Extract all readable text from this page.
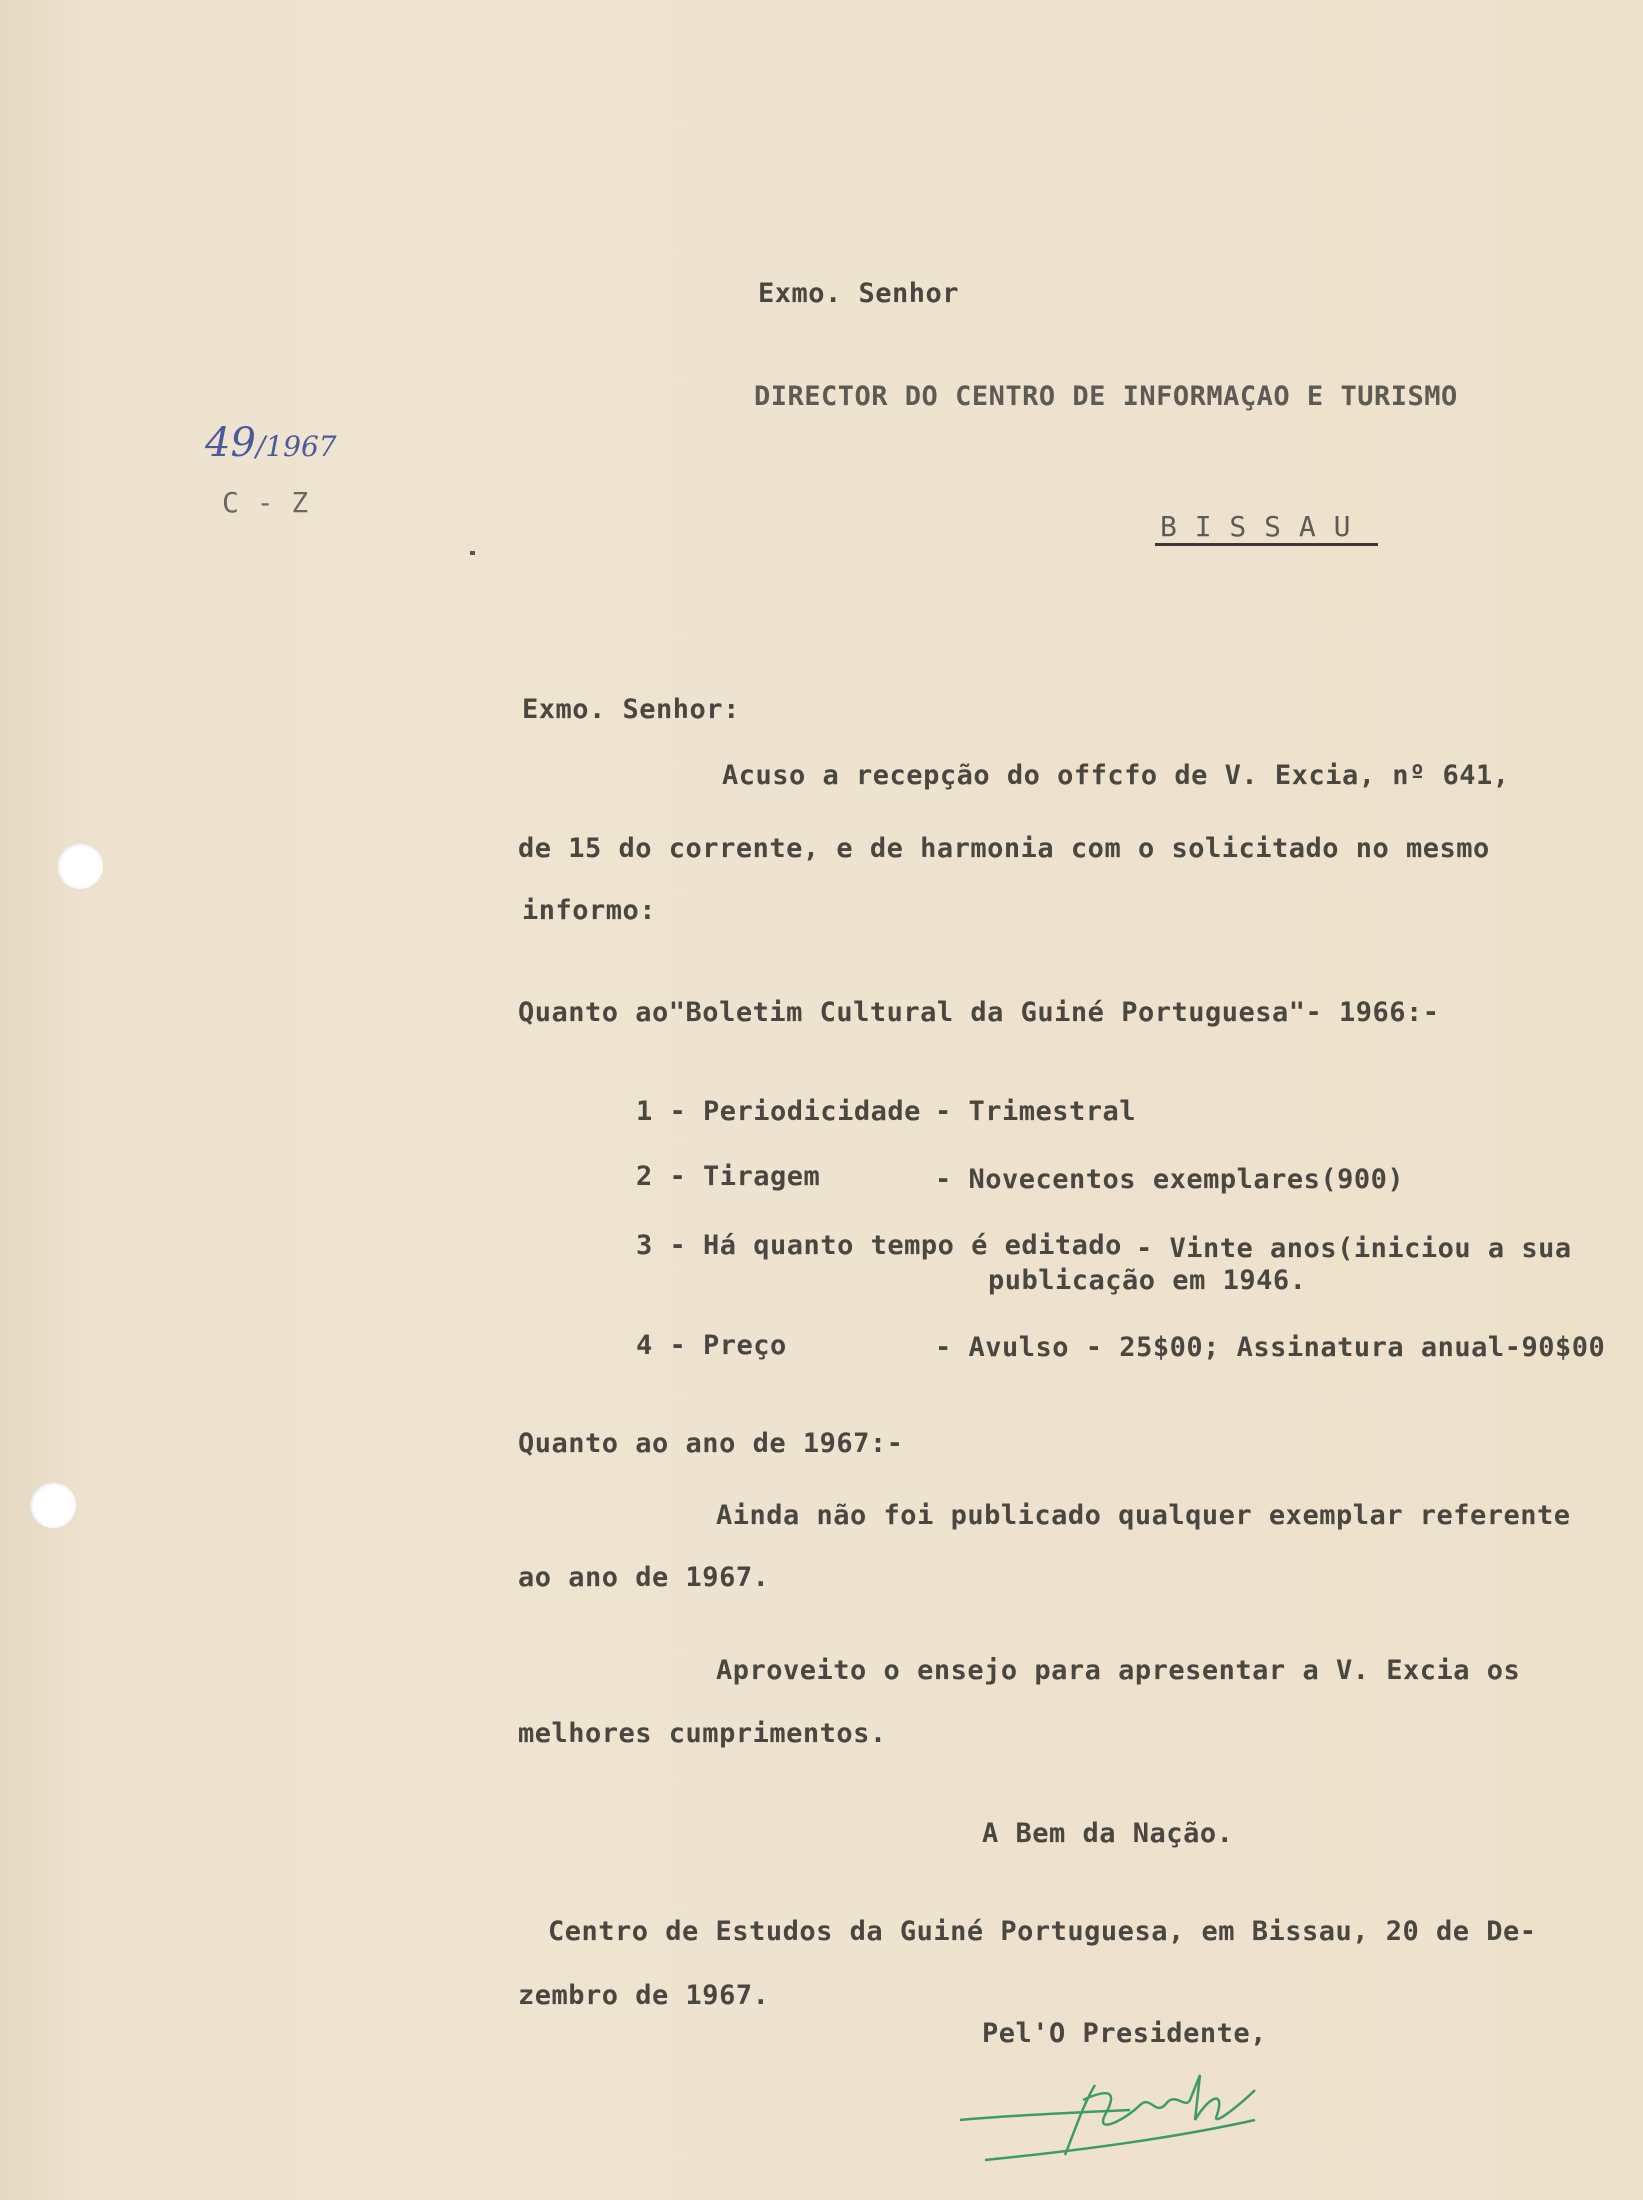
Exmo. Senhor
DIRECTOR DO CENTRO DE INFORMAÇAO E TURISMO
B I S S A U
49/1967
C - Z
Exmo. Senhor:
Acuso a recepção do offcfo de V. Excia, nº 641,
de 15 do corrente, e de harmonia com o solicitado no mesmo
informo:
Quanto ao"Boletim Cultural da Guiné Portuguesa"- 1966:-
1 - Periodicidade - Trimestral
2 - Tiragem	- Novecentos exemplares(900)
3 - Há quanto tempo é editado - Vinte anos(iniciou a sua
publicação em 1946.
4 - Preço	- Avulso - 25$00; Assinatura anual-90$00
Quanto ao ano de 1967:-
Ainda não foi publicado qualquer exemplar referente
ao ano de 1967.
Aproveito o ensejo para apresentar a V. Excia os
melhores cumprimentos.
A Bem da Nação.
Centro de Estudos da Guiné Portuguesa, em Bissau, 20 de De-
zembro de 1967.
Pel'O Presidente,
